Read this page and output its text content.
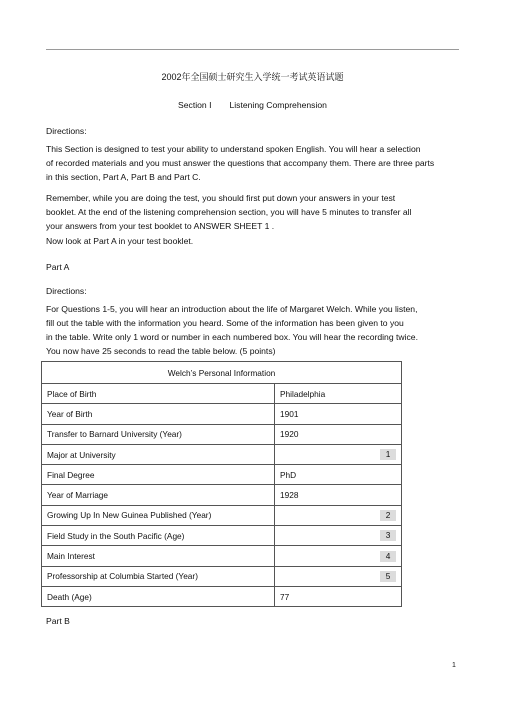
2002年全国硕士研究生入学统一考试英语试题
Section I Listening Comprehension
Directions:
This Section is designed to test your ability to understand spoken English. You will hear a selection
of recorded materials and you must answer the questions that accompany them. There are three parts
in this section, Part A, Part B and Part C.
Remember, while you are doing the test, you should first put down your answers in your test
booklet. At the end of the listening comprehension section, you will have 5 minutes to transfer all
your answers from your test booklet to ANSWER SHEET 1 .
Now look at Part A in your test booklet.
Part A
Directions:
For Questions 1-5, you will hear an introduction about the life of Margaret Welch. While you listen,
fill out the table with the information you heard. Some of the information has been given to you
in the table. Write only 1 word or number in each numbered box. You will hear the recording twice.
You now have 25 seconds to read the table below. (5 points)
Welch’s Personal Information	
Place of Birth	Philadelphia
Year of Birth	1901
Transfer to Barnard University (Year)	1920
Major at University	1

Final Degree	PhD
Year of Marriage	1928
Growing Up In New Guinea Published (Year)	2

Field Study in the South Pacific (Age)	3

Main Interest	4

Professorship at Columbia Started (Year)	5

Death (Age)	77
Part B
1
